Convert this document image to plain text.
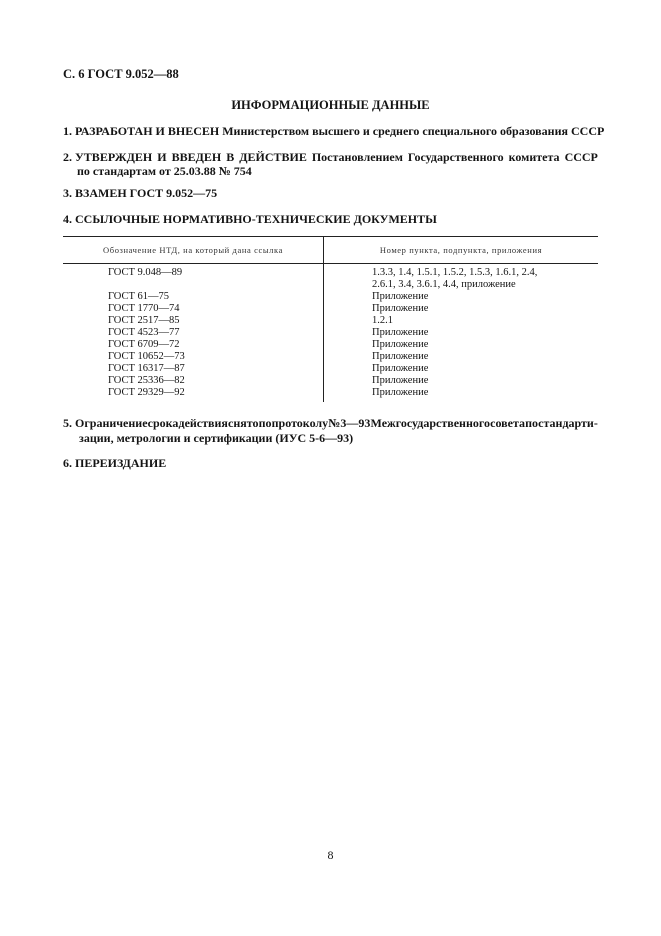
С. 6 ГОСТ 9.052—88
ИНФОРМАЦИОННЫЕ ДАННЫЕ
1. РАЗРАБОТАН И ВНЕСЕН Министерством высшего и среднего специального образования СССР
2. УТВЕРЖДЕН И ВВЕДЕН В ДЕЙСТВИЕ Постановлением Государственного комитета СССР
по стандартам от 25.03.88 № 754
3. ВЗАМЕН ГОСТ 9.052—75
4. ССЫЛОЧНЫЕ НОРМАТИВНО-ТЕХНИЧЕСКИЕ ДОКУМЕНТЫ
Обозначение НТД, на который дана ссылка	Номер пункта, подпункта, приложения
ГОСТ 9.048—89
ГОСТ 61—75
ГОСТ 1770—74
ГОСТ 2517—85
ГОСТ 4523—77
ГОСТ 6709—72
ГОСТ 10652—73
ГОСТ 16317—87
ГОСТ 25336—82
ГОСТ 29329—92
1.3.3, 1.4, 1.5.1, 1.5.2, 1.5.3, 1.6.1, 2.4,
2.6.1, 3.4, 3.6.1, 4.4, приложение
Приложение
Приложение
1.2.1
Приложение
Приложение
Приложение
Приложение
Приложение
Приложение
5. Ограничение срока действия снято по протоколу № 3—93 Межгосударственного совета по стандарти-
зации, метрологии и сертификации (ИУС 5-6—93)
6. ПЕРЕИЗДАНИЕ
8
